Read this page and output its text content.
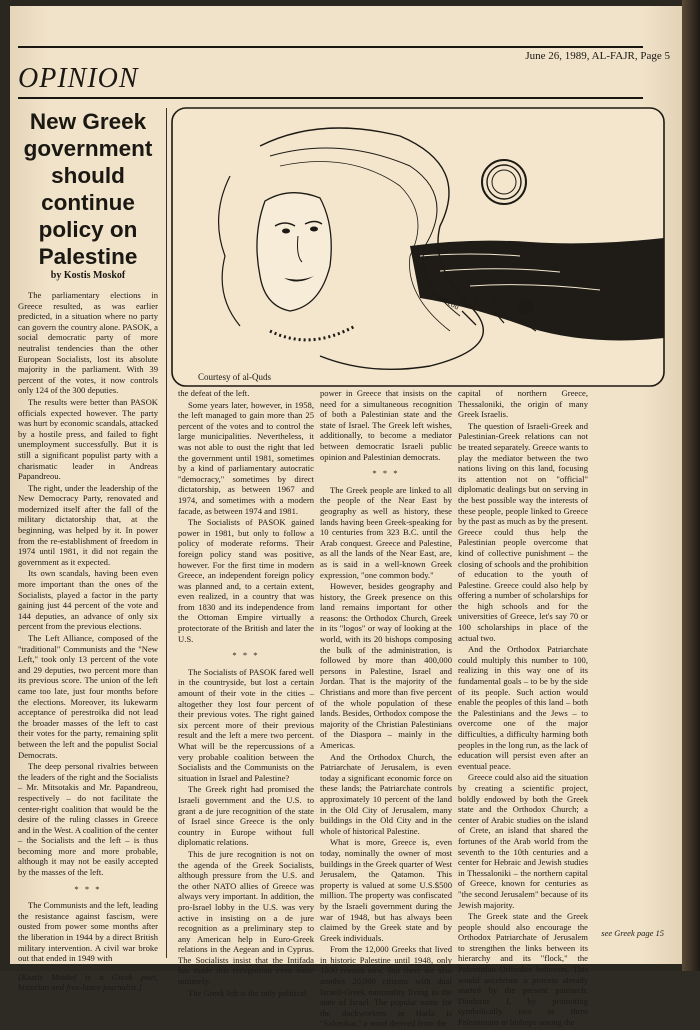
June 26, 1989, AL-FAJR, Page 5
OPINION
New Greek
government
should
continue
policy on
Palestine
by Kostis Moskof
Papandreou
Courtesy of al-Quds

The parliamentary elections in Greece resulted, as was earlier predicted, in a situation where no party can govern the country alone. PASOK, a social democratic party of more neutralist tendencies than the other European Socialists, lost its absolute majority in the parliament. With 39 percent of the votes, it now controls only 124 of the 300 deputies.

The results were better than PASOK officials expected however. The party was hurt by economic scandals, attacked by a hostile press, and failed to fight unemployment successfully. But it is still a significant populist party with a charismatic leader in Andreas Papandreou.

The right, under the leadership of the New Democracy Party, renovated and modernized itself after the fall of the military dictatorship that, at the beginning, was helped by it. In power from the re-establishment of freedom in 1974 until 1981, it did not regain the government as it expected.

Its own scandals, having been even more important than the ones of the Socialists, played a factor in the party gaining just 44 percent of the vote and 144 deputies, an advance of only six percent from the previous elections.

The Left Alliance, composed of the "traditional" Communists and the "New Left," took only 13 percent of the vote and 29 deputies, two percent more than its previous score. The union of the left came too late, just four months before the elections. Moreover, its lukewarm acceptance of perestroika did not lead the broader masses of the left to cast their votes for the party, remaining split between the left and the populist Social Democrats.

The deep personal rivalries between the leaders of the right and the Socialists – Mr. Mitsotakis and Mr. Papandreou, respectively – do not facilitate the center-right coalition that would be the desire of the ruling classes in Greece and in the West. A coalition of the center – the Socialists and the left – is thus becoming more and more probable, although it may not be easily accepted by the masses of the left.

* * *

The Communists and the left, leading the resistance against fascism, were ousted from power some months after the liberation in 1944 by a direct British military intervention. A civil war broke out that ended in 1949 with

[Kostis Moskof is a Greek poet, historian and free-lance journalist.]

the defeat of the left.

Some years later, however, in 1958, the left managed to gain more than 25 percent of the votes and to control the large municipalities. Nevertheless, it was not able to oust the right that led the government until 1981, sometimes by a kind of parliamentary autocratic "democracy," sometimes by direct dictatorship, as between 1967 and 1974, and sometimes with a modern facade, as between 1974 and 1981.

The Socialists of PASOK gained power in 1981, but only to follow a policy of moderate reforms. Their foreign policy stand was positive, however. For the first time in modern Greece, an independent foreign policy was planned and, to a certain extent, even realized, in a country that was from 1830 and its independence from the Ottoman Empire virtually a protectorate of the British and later the U.S.

* * *

The Socialists of PASOK fared well in the countryside, but lost a certain amount of their vote in the cities – altogether they lost four percent of their previous votes. The right gained six percent more of their previous result and the left a mere two percent. What will be the repercussions of a very probable coalition between the Socialists and the Communists on the situation in Israel and Palestine?

The Greek right had promised the Israeli government and the U.S. to grant a de jure recognition of the state of Israel since Greece is the only country in Europe without full diplomatic relations.

This de jure recognition is not on the agenda of the Greek Socialists, although pressure from the U.S. and the other NATO allies of Greece was always very important. In addition, the pro-Israel lobby in the U.S. was very active in insisting on a de jure recognition as a preliminary step to any American help in Euro-Greek relations in the Aegean and in Cyprus. The Socialists insist that the Intifada has made this recognition even more untimely.

The Greek left is the only political

power in Greece that insists on the need for a simultaneous recognition of both a Palestinian state and the state of Israel. The Greek left wishes, additionally, to become a mediator between democratic Israeli public opinion and Palestinian democrats.

* * *

The Greek people are linked to all the people of the Near East by geography as well as history, these lands having been Greek-speaking for 10 centuries from 323 B.C. until the Arab conquest. Greece and Palestine, as all the lands of the Near East, are, as is said in a well-known Greek expression, "one common body."

However, besides geography and history, the Greek presence on this land remains important for other reasons: the Orthodox Church, Greek in its "logos" or way of looking at the world, with its 20 bishops composing the bulk of the administration, is followed by more than 400,000 persons in Palestine, Israel and Jordan. That is the majority of the Christians and more than five percent of the whole population of these lands. Besides, Orthodox compose the majority of the Christian Palestinians of the Diaspora – mainly in the Americas.

And the Orthodox Church, the Patriarchate of Jerusalem, is even today a significant economic force on these lands; the Patriarchate controls approximately 10 percent of the land in the Old City of Jerusalem, many buildings in the Old City and in the whole of historical Palestine.

What is more, Greece is, even today, nominally the owner of most buildings in the Greek quarter of West Jerusalem, the Qatamon. This property is valued at some U.S.$500 million. The property was confiscated by the Israeli government during the war of 1948, but has always been claimed by the Greek state and by Greek individuals.

From the 12,000 Greeks that lived in historic Palestine until 1948, only 1000 remain now. But there are also another 20,000 citizens with dual Israeli-Greek nationality living in the state of Israel. The popular name for the dockworkers in Haifa is "Salonikai," a word derived from the

capital of northern Greece, Thessaloniki, the origin of many Greek Israelis.

The question of Israeli-Greek and Palestinian-Greek relations can not be treated separately. Greece wants to play the mediator between the two nations living on this land, focusing its attention not on "official" diplomatic dealings but on serving in the best possible way the interests of these people, people linked to Greece by the past as much as by the present. Greece could thus help the Palestinian people overcome that kind of collective punishment – the closing of schools and the prohibition of education to the youth of Palestine. Greece could also help by offering a number of scholarships for the high schools and for the universities of Greece, let's say 70 or 100 scholarships in place of the actual two.

And the Orthodox Patriarchate could multiply this number to 100, realizing in this way one of its fundamental goals – to be by the side of its people. Such action would enable the peoples of this land – both the Palestinians and the Jews – to overcome one of the major difficulties, a difficulty harming both peoples in the long run, as the lack of education will persist even after an eventual peace.

Greece could also aid the situation by creating a scientific project, boldly endowed by both the Greek state and the Orthodox Church; a center of Arabic studies on the island of Crete, an island that shared the fortunes of the Arab world from the seventh to the 10th centuries and a center for Hebraic and Jewish studies in Thessaloniki – the northern capital of Greece, known for centuries as "the second Jerusalem" because of its Jewish majority.

The Greek state and the Greek people should also encourage the Orthodox Patriarchate of Jerusalem to strengthen the links between its hierarchy and its "flock," the Palestinian Orthodox believers. This would accelerate a process already started by the present patriarch, Diodorus I, by promoting symbolically two or three Palestinians to bishops among the

see Greek page 15
